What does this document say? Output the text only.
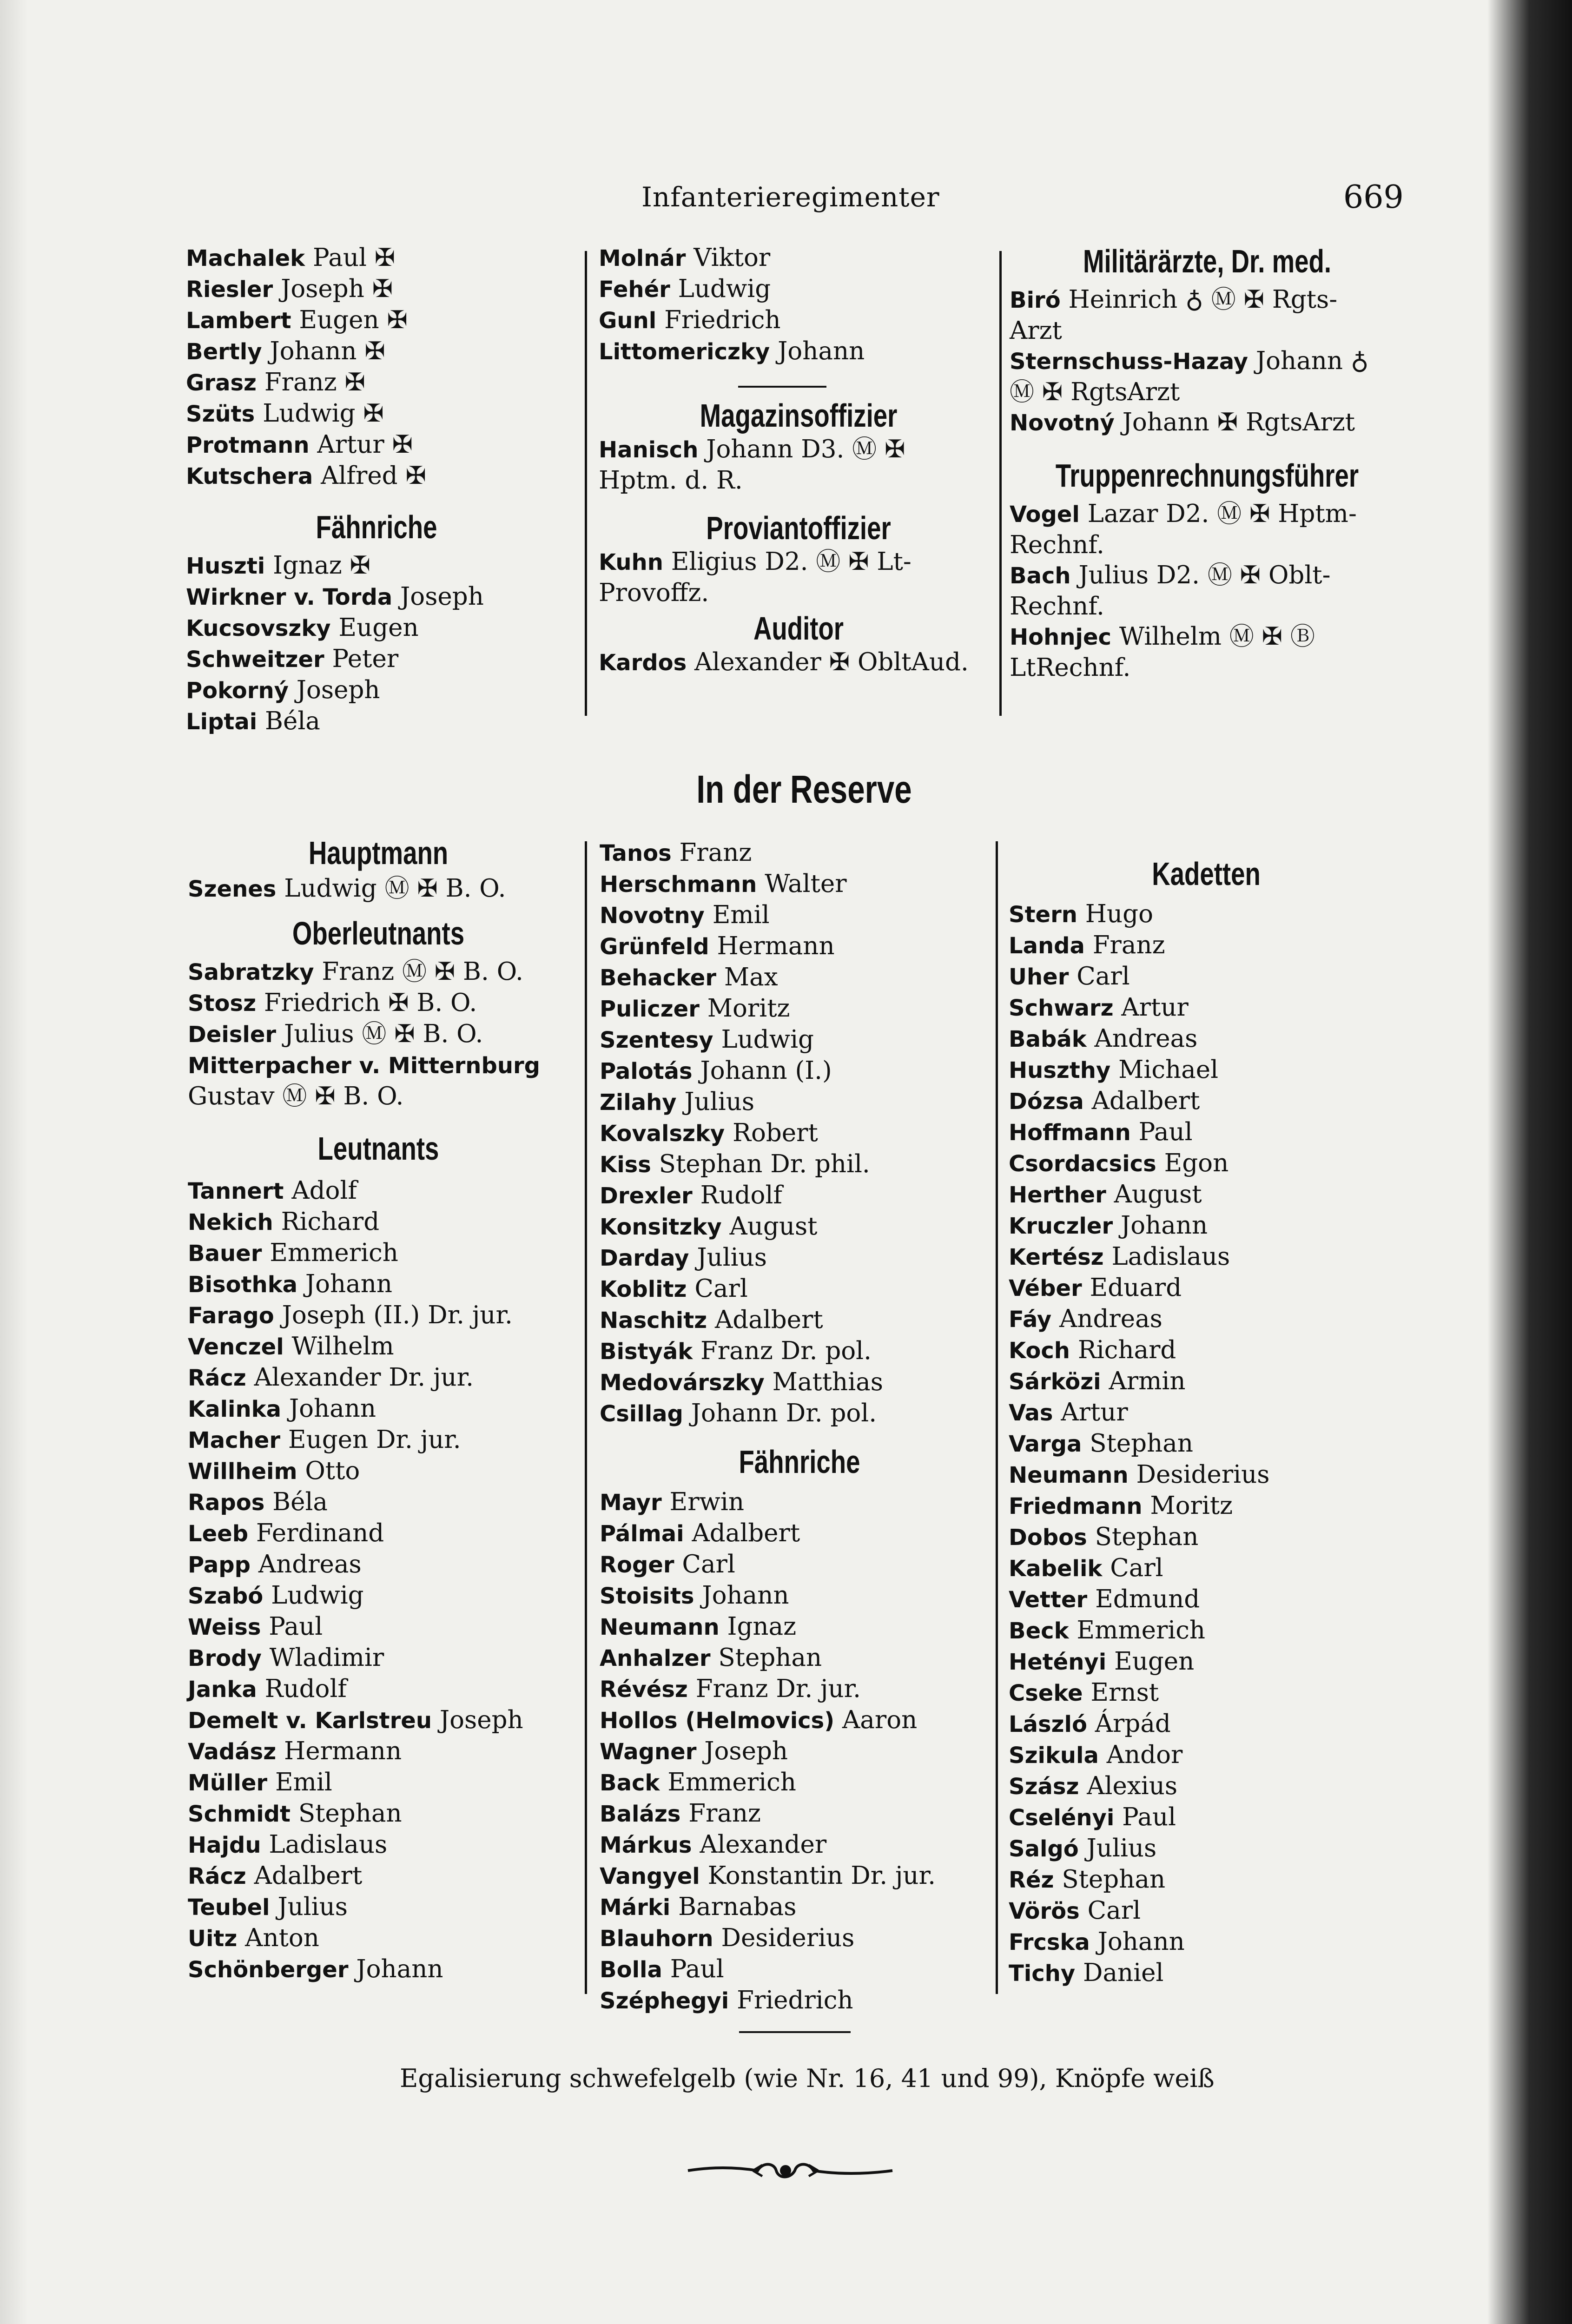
Infanterieregimenter	669
Machalek Paul ✠
Riesler Joseph ✠
Lambert Eugen ✠
Bertly Johann ✠
Grasz Franz ✠
Szüts Ludwig ✠
Protmann Artur ✠
Kutschera Alfred ✠
Fähnriche
Huszti Ignaz ✠
Wirkner v. Torda Joseph
Kucsovszky Eugen
Schweitzer Peter
Pokorný Joseph
Liptai Béla
Molnár Viktor
Fehér Ludwig
Gunl Friedrich
Littomericzky Johann
Magazinsoffizier
Hanisch Johann D3. Ⓜ ✠
Hptm. d. R.
Proviantoffizier
Kuhn Eligius D2. Ⓜ ✠ Lt-
Provoffz.
Auditor
Kardos Alexander ✠ ObltAud.
Militärärzte, Dr. med.
Biró Heinrich ♁ Ⓜ ✠ Rgts-
Arzt
Sternschuss-Hazay Johann ♁
Ⓜ ✠ RgtsArzt
Novotný Johann ✠ RgtsArzt
Truppenrechnungsführer
Vogel Lazar D2. Ⓜ ✠ Hptm-
Rechnf.
Bach Julius D2. Ⓜ ✠ Oblt-
Rechnf.
Hohnjec Wilhelm Ⓜ ✠ Ⓑ
LtRechnf.
In der Reserve
Hauptmann
Szenes Ludwig Ⓜ ✠ B. O.
Oberleutnants
Sabratzky Franz Ⓜ ✠ B. O.
Stosz Friedrich ✠ B. O.
Deisler Julius Ⓜ ✠ B. O.
Mitterpacher v. Mitternburg
Gustav Ⓜ ✠ B. O.
Leutnants
Tannert Adolf
Nekich Richard
Bauer Emmerich
Bisothka Johann
Farago Joseph (II.) Dr. jur.
Venczel Wilhelm
Rácz Alexander Dr. jur.
Kalinka Johann
Macher Eugen Dr. jur.
Willheim Otto
Rapos Béla
Leeb Ferdinand
Papp Andreas
Szabó Ludwig
Weiss Paul
Brody Wladimir
Janka Rudolf
Demelt v. Karlstreu Joseph
Vadász Hermann
Müller Emil
Schmidt Stephan
Hajdu Ladislaus
Rácz Adalbert
Teubel Julius
Uitz Anton
Schönberger Johann
Tanos Franz
Herschmann Walter
Novotny Emil
Grünfeld Hermann
Behacker Max
Puliczer Moritz
Szentesy Ludwig
Palotás Johann (I.)
Zilahy Julius
Kovalszky Robert
Kiss Stephan Dr. phil.
Drexler Rudolf
Konsitzky August
Darday Julius
Koblitz Carl
Naschitz Adalbert
Bistyák Franz Dr. pol.
Medovárszky Matthias
Csillag Johann Dr. pol.
Fähnriche
Mayr Erwin
Pálmai Adalbert
Roger Carl
Stoisits Johann
Neumann Ignaz
Anhalzer Stephan
Révész Franz Dr. jur.
Hollos (Helmovics) Aaron
Wagner Joseph
Back Emmerich
Balázs Franz
Márkus Alexander
Vangyel Konstantin Dr. jur.
Márki Barnabas
Blauhorn Desiderius
Bolla Paul
Széphegyi Friedrich
Kadetten
Stern Hugo
Landa Franz
Uher Carl
Schwarz Artur
Babák Andreas
Huszthy Michael
Dózsa Adalbert
Hoffmann Paul
Csordacsics Egon
Herther August
Kruczler Johann
Kertész Ladislaus
Véber Eduard
Fáy Andreas
Koch Richard
Sárközi Armin
Vas Artur
Varga Stephan
Neumann Desiderius
Friedmann Moritz
Dobos Stephan
Kabelik Carl
Vetter Edmund
Beck Emmerich
Hetényi Eugen
Cseke Ernst
László Árpád
Szikula Andor
Szász Alexius
Cselényi Paul
Salgó Julius
Réz Stephan
Vörös Carl
Frcska Johann
Tichy Daniel
Egalisierung schwefelgelb (wie Nr. 16, 41 und 99), Knöpfe weiß
